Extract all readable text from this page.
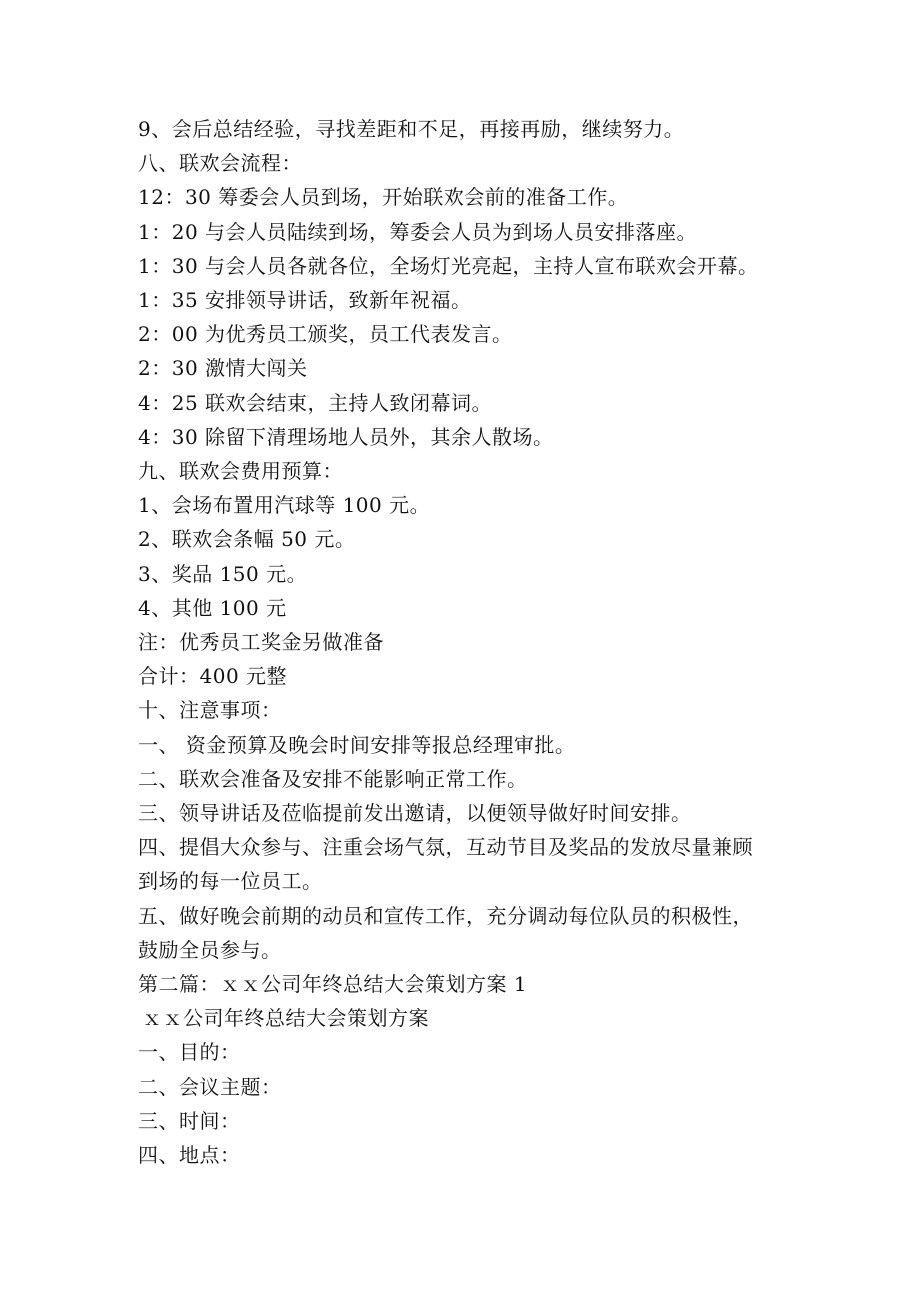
9、会后总结经验，寻找差距和不足，再接再励，继续努力。

八、联欢会流程：

12：30 筹委会人员到场，开始联欢会前的准备工作。

1：20 与会人员陆续到场，筹委会人员为到场人员安排落座。

1：30 与会人员各就各位，全场灯光亮起，主持人宣布联欢会开幕。

1：35 安排领导讲话，致新年祝福。

2：00 为优秀员工颁奖，员工代表发言。

2：30 激情大闯关

4：25 联欢会结束，主持人致闭幕词。

4：30 除留下清理场地人员外，其余人散场。

九、联欢会费用预算：

1、会场布置用汽球等 100 元。

2、联欢会条幅 50 元。

3、奖品 150 元。

4、其他 100 元

注：优秀员工奖金另做准备

合计：400 元整

十、注意事项：

一、 资金预算及晚会时间安排等报总经理审批。

二、联欢会准备及安排不能影响正常工作。

三、领导讲话及莅临提前发出邀请，以便领导做好时间安排。

四、提倡大众参与、注重会场气氛，互动节目及奖品的发放尽量兼顾

到场的每一位员工。

五、做好晚会前期的动员和宣传工作，充分调动每位队员的积极性，

鼓励全员参与。

第二篇：ｘｘ公司年终总结大会策划方案 1

ｘｘ公司年终总结大会策划方案

一、目的：

二、会议主题：

三、时间：

四、地点：
